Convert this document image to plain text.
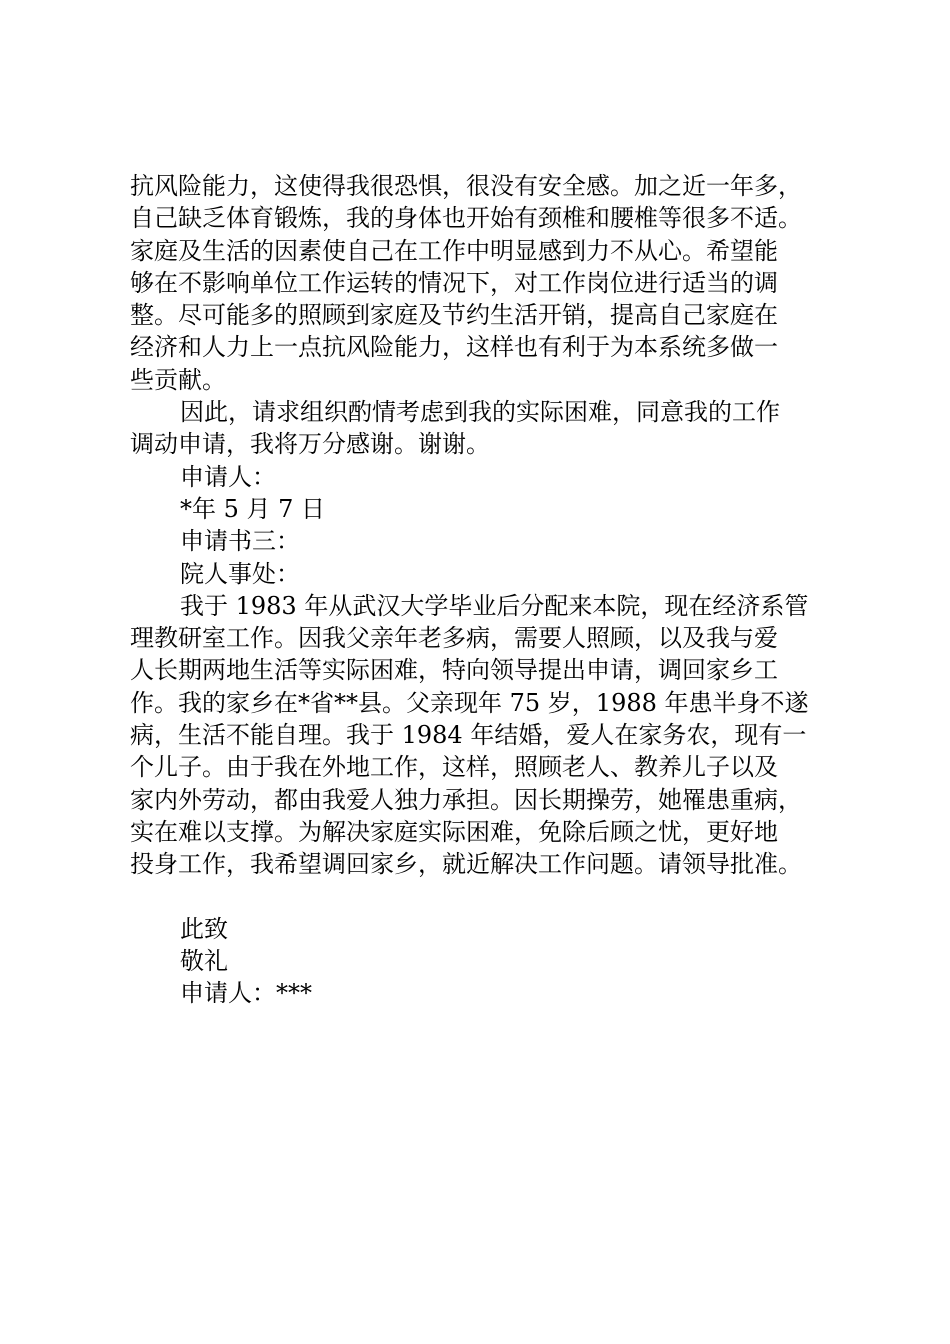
抗风险能力，这使得我很恐惧，很没有安全感。加之近一年多，
自己缺乏体育锻炼，我的身体也开始有颈椎和腰椎等很多不适。
家庭及生活的因素使自己在工作中明显感到力不从心。希望能
够在不影响单位工作运转的情况下，对工作岗位进行适当的调
整。尽可能多的照顾到家庭及节约生活开销，提高自己家庭在
经济和人力上一点抗风险能力，这样也有利于为本系统多做一
些贡献。
因此，请求组织酌情考虑到我的实际困难，同意我的工作
调动申请，我将万分感谢。谢谢。
申请人：
*年 5 月 7 日
申请书三：
院人事处：
我于 1983 年从武汉大学毕业后分配来本院，现在经济系管
理教研室工作。因我父亲年老多病，需要人照顾，以及我与爱
人长期两地生活等实际困难，特向领导提出申请，调回家乡工
作。我的家乡在*省**县。父亲现年 75 岁，1988 年患半身不遂
病，生活不能自理。我于 1984 年结婚，爱人在家务农，现有一
个儿子。由于我在外地工作，这样，照顾老人、教养儿子以及
家内外劳动，都由我爱人独力承担。因长期操劳，她罹患重病，
实在难以支撑。为解决家庭实际困难，免除后顾之忧，更好地
投身工作，我希望调回家乡，就近解决工作问题。请领导批准。
此致
敬礼
申请人：***
